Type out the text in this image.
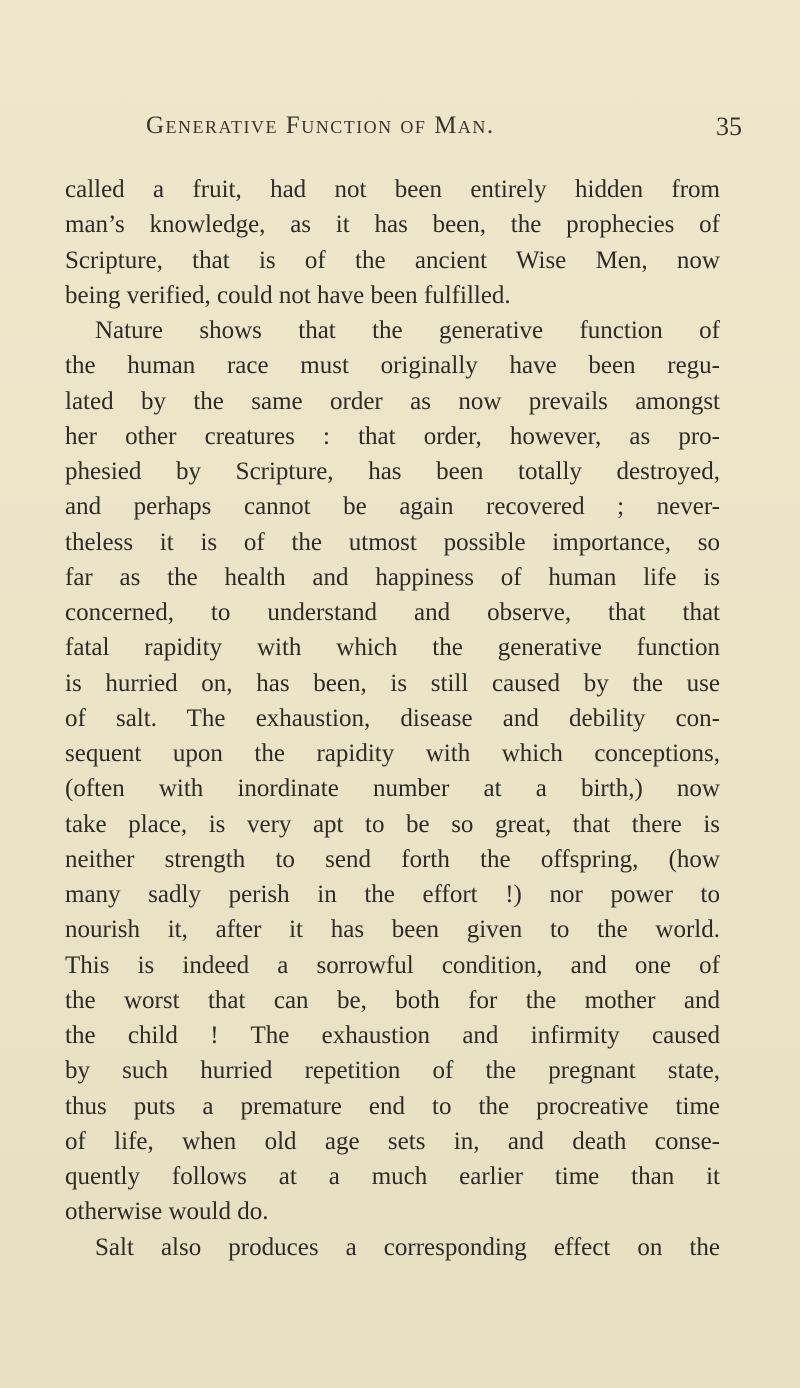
Generative Function of Man.	35
called a fruit, had not been entirely hidden from
man’s knowledge, as it has been, the prophecies of
Scripture, that is of the ancient Wise Men, now
being verified, could not have been fulfilled.
Nature shows that the generative function of
the human race must originally have been regu-
lated by the same order as now prevails amongst
her other creatures : that order, however, as pro-
phesied by Scripture, has been totally destroyed,
and perhaps cannot be again recovered ; never-
theless it is of the utmost possible importance, so
far as the health and happiness of human life is
concerned, to understand and observe, that that
fatal rapidity with which the generative function
is hurried on, has been, is still caused by the use
of salt. The exhaustion, disease and debility con-
sequent upon the rapidity with which conceptions,
(often with inordinate number at a birth,) now
take place, is very apt to be so great, that there is
neither strength to send forth the offspring, (how
many sadly perish in the effort !) nor power to
nourish it, after it has been given to the world.
This is indeed a sorrowful condition, and one of
the worst that can be, both for the mother and
the child ! The exhaustion and infirmity caused
by such hurried repetition of the pregnant state,
thus puts a premature end to the procreative time
of life, when old age sets in, and death conse-
quently follows at a much earlier time than it
otherwise would do.
Salt also produces a corresponding effect on the
